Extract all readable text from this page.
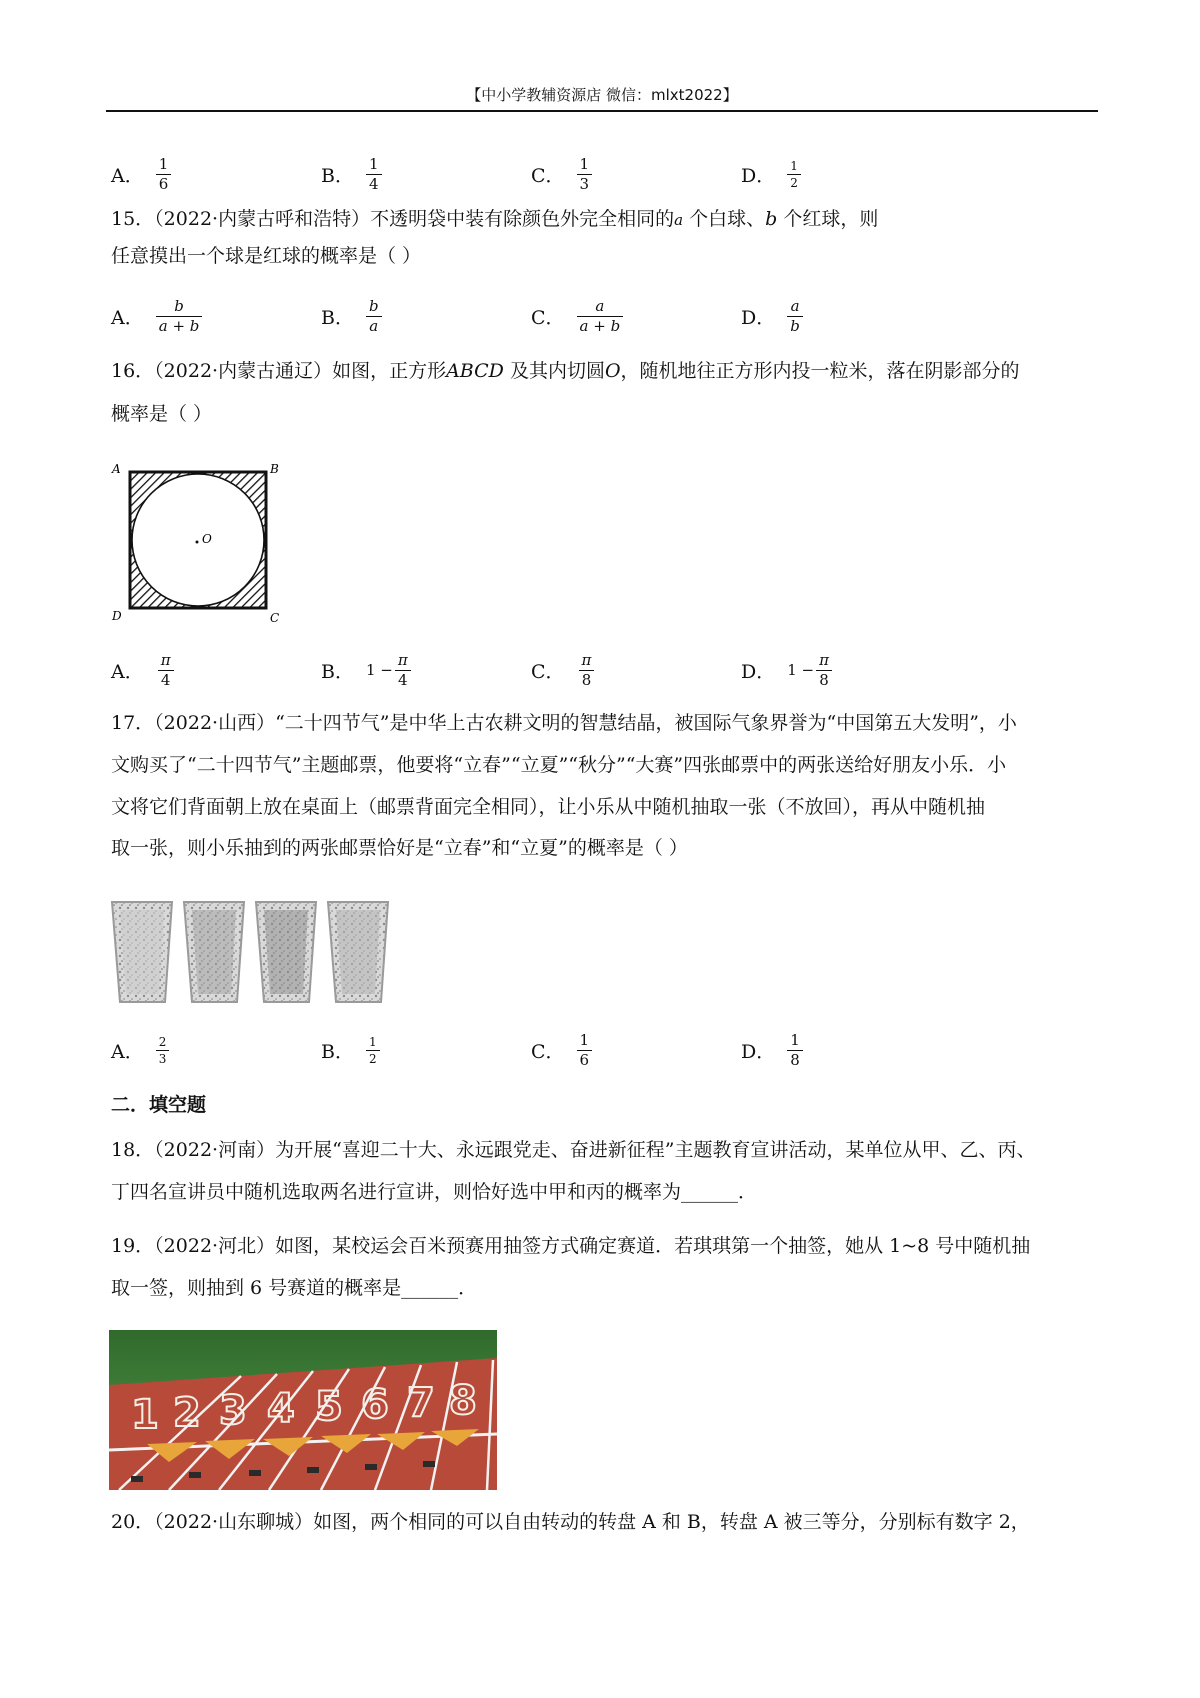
【中小学教辅资源店 微信：mlxt2022】
A． $\frac{1}{6}$	B． $\frac{1}{4}$	C． $\frac{1}{3}$	D． $\frac{1}{2}$
15．（2022·内蒙古呼和浩特）不透明袋中装有除颜色外完全相同的a 个白球、b 个红球，则
任意摸出一个球是红球的概率是（ ）
A． $\frac{b}{a + b}$	B． $\frac{b}{a}$	C． $\frac{a}{a + b}$	D． $\frac{a}{b}$
16．（2022·内蒙古通辽）如图，正方形ABCD 及其内切圆O，随机地往正方形内投一粒米，落在阴影部分的
概率是（ ）
O
A	B
D	C
A． $\frac{\pi}{4}$	B． $1 - \frac{\pi}{4}$	C． $\frac{\pi}{8}$	D． $1 - \frac{\pi}{8}$
17．（2022·山西）“二十四节气”是中华上古农耕文明的智慧结晶，被国际气象界誉为“中国第五大发明”，小
文购买了“二十四节气”主题邮票，他要将“立春”“立夏”“秋分”“大赛”四张邮票中的两张送给好朋友小乐．小
文将它们背面朝上放在桌面上（邮票背面完全相同），让小乐从中随机抽取一张（不放回），再从中随机抽
取一张，则小乐抽到的两张邮票恰好是“立春”和“立夏”的概率是（ ）
A． $\frac{2}{3}$	B． $\frac{1}{2}$	C． $\frac{1}{6}$	D． $\frac{1}{8}$
二．填空题
18．（2022·河南）为开展“喜迎二十大、永远跟党走、奋进新征程”主题教育宣讲活动，某单位从甲、乙、丙、
丁四名宣讲员中随机选取两名进行宣讲，则恰好选中甲和丙的概率为______．
19．（2022·河北）如图，某校运会百米预赛用抽签方式确定赛道．若琪琪第一个抽签，她从 1~8 号中随机抽
取一签，则抽到 6 号赛道的概率是______．
1 2 3 4 5 6 7 8
20．（2022·山东聊城）如图，两个相同的可以自由转动的转盘 A 和 B，转盘 A 被三等分，分别标有数字 2，
